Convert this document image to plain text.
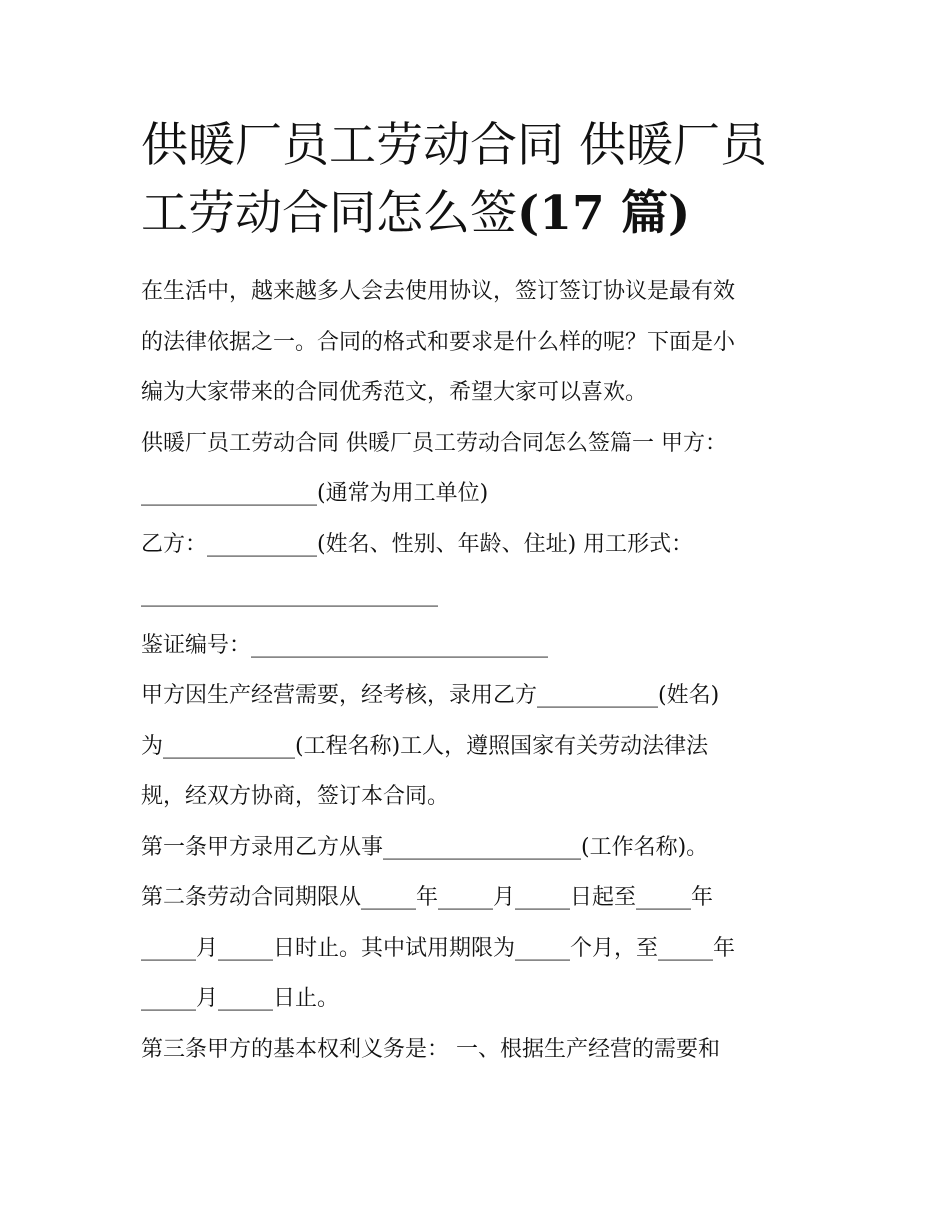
供暖厂员工劳动合同 供暖厂员
工劳动合同怎么签(17 篇)
在生活中，越来越多人会去使用协议，签订签订协议是最有效
的法律依据之一。合同的格式和要求是什么样的呢？下面是小
编为大家带来的合同优秀范文，希望大家可以喜欢。
供暖厂员工劳动合同 供暖厂员工劳动合同怎么签篇一 甲方：
________________(通常为用工单位)
乙方：__________(姓名、性别、年龄、住址) 用工形式：
___________________________
鉴证编号：___________________________
甲方因生产经营需要，经考核，录用乙方___________(姓名)
为____________(工程名称)工人，遵照国家有关劳动法律法
规，经双方协商，签订本合同。
第一条甲方录用乙方从事__________________(工作名称)。
第二条劳动合同期限从_____年_____月_____日起至_____年
_____月_____日时止。其中试用期限为_____个月，至_____年
_____月_____日止。
第三条甲方的基本权利义务是： 一、根据生产经营的需要和
